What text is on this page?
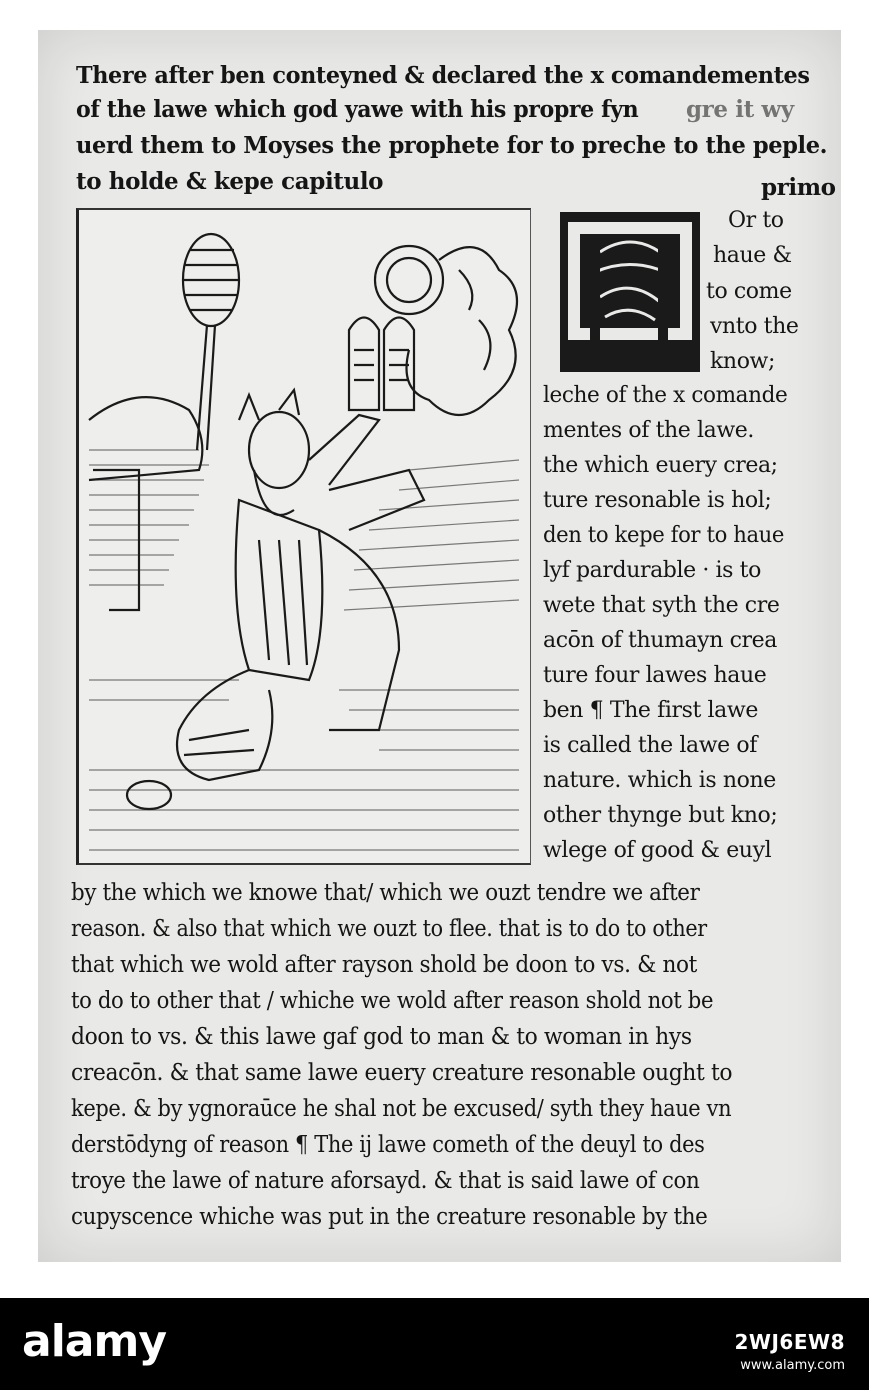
There after ben conteyned & declared the x comandementes
of the lawe which god yawe with his propre fyn gre it wy
uerd them to Moyses the prophete for to preche to the peple.
to holde & kepe capitulo	primo
Or to
haue &
to come
vnto the
know;
leche of the x comande
mentes of the lawe.
the which euery crea;
ture resonable is hol;
den to kepe for to haue
lyf pardurable · is to
wete that syth the cre
acōn of thumayn crea
ture four lawes haue
ben ¶ The first lawe
is called the lawe of
nature. which is none
other thynge but kno;
wlege of good & euyl
by the which we knowe that/ which we ouzt tendre we after
reason. & also that which we ouzt to flee. that is to do to other
that which we wold after rayson shold be doon to vs. & not
to do to other that / whiche we wold after reason shold not be
doon to vs. & this lawe gaf god to man & to woman in hys
creacōn. & that same lawe euery creature resonable ought to
kepe. & by ygnoraūce he shal not be excused/ syth they haue vn
derstōdyng of reason ¶ The ij lawe cometh of the deuyl to des
troye the lawe of nature aforsayd. & that is said lawe of con
cupyscence whiche was put in the creature resonable by the
alamy	2WJ6EW8
www.alamy.com
